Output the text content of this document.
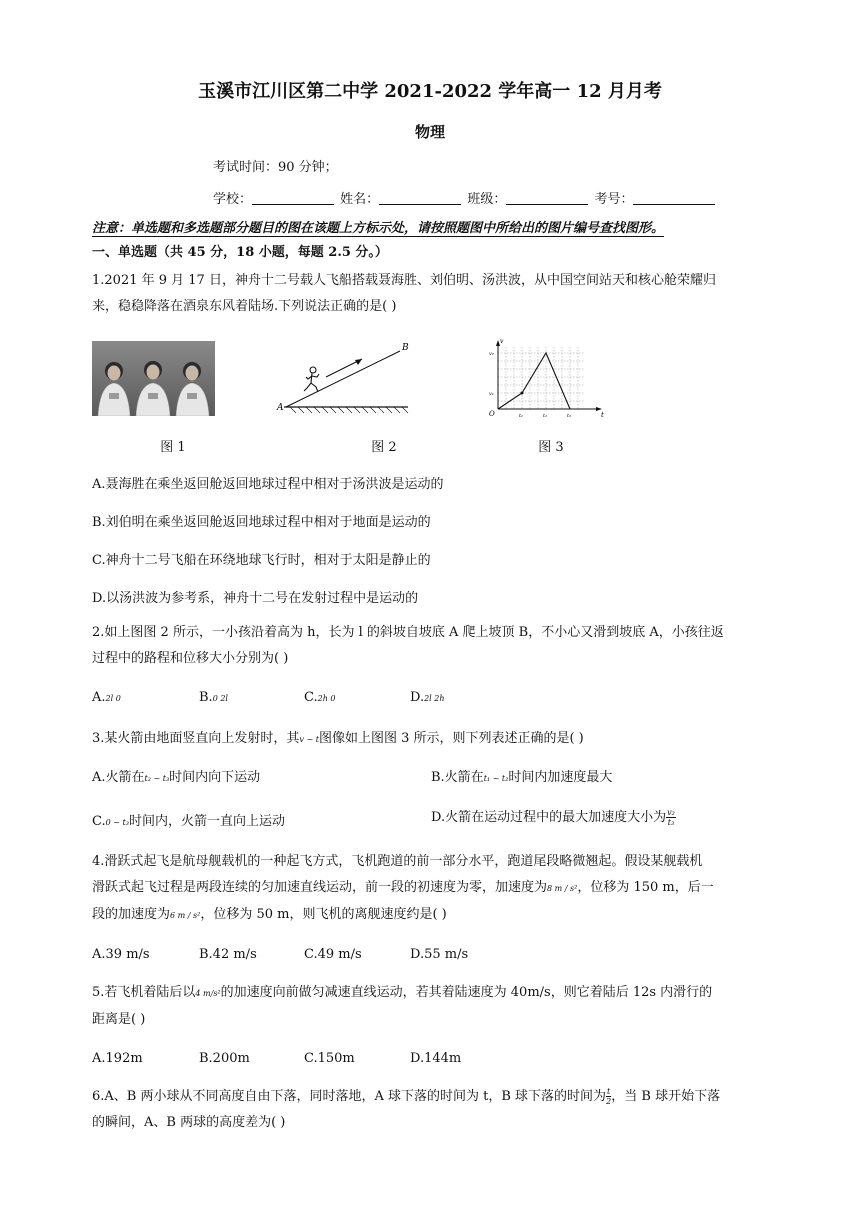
玉溪市江川区第二中学 2021-2022 学年高一 12 月月考
物理
考试时间：90 分钟；
学校：	姓名：	班级：	考号：
注意：单选题和多选题部分题目的图在该题上方标示处，请按照题图中所给出的图片编号查找图形。
一、单选题（共 45 分，18 小题，每题 2.5 分。）
1.2021 年 9 月 17 日，神舟十二号载人飞船搭载聂海胜、刘伯明、汤洪波，从中国空间站天和核心舱荣耀归
来，稳稳降落在酒泉东风着陆场.下列说法正确的是( )
图 1
A
B
图 2
v
t
O
v₂
v₁
t₁	t₂	t₃
图 3
A.聂海胜在乘坐返回舱返回地球过程中相对于汤洪波是运动的
B.刘伯明在乘坐返回舱返回地球过程中相对于地面是运动的
C.神舟十二号飞船在环绕地球飞行时，相对于太阳是静止的
D.以汤洪波为参考系，神舟十二号在发射过程中是运动的
2.如上图图 2 所示，一小孩沿着高为 h，长为 l 的斜坡自坡底 A 爬上坡顶 B，不小心又滑到坡底 A，小孩往返
过程中的路程和位移大小分别为( )
A.2l 0	B.0 2l	C.2h 0	D.2l 2h
3.某火箭由地面竖直向上发射时，其v − t图像如上图图 3 所示，则下列表述正确的是( )
A.火箭在t₂ ~ t₃时间内向下运动	B.火箭在t₁ ~ t₂时间内加速度最大
C.0 ~ t₃时间内，火箭一直向上运动	D.火箭在运动过程中的最大加速度大小为 $\frac{\text{v₂}}{\text{t₃}}$
4.滑跃式起飞是航母舰载机的一种起飞方式，飞机跑道的前一部分水平，跑道尾段略微翘起。假设某舰载机
滑跃式起飞过程是两段连续的匀加速直线运动，前一段的初速度为零，加速度为8 m / s²，位移为 150 m，后一
段的加速度为6 m / s²，位移为 50 m，则飞机的离舰速度约是( )
A.39 m/s	B.42 m/s	C.49 m/s	D.55 m/s
5.若飞机着陆后以4 m/s²的加速度向前做匀减速直线运动，若其着陆速度为 40m/s，则它着陆后 12s 内滑行的
距离是( )
A.192m	B.200m	C.150m	D.144m
6.A、B 两小球从不同高度自由下落，同时落地，A 球下落的时间为 t，B 球下落的时间为 $\frac{t}{2}$ ，当 B 球开始下落
的瞬间，A、B 两球的高度差为( )
